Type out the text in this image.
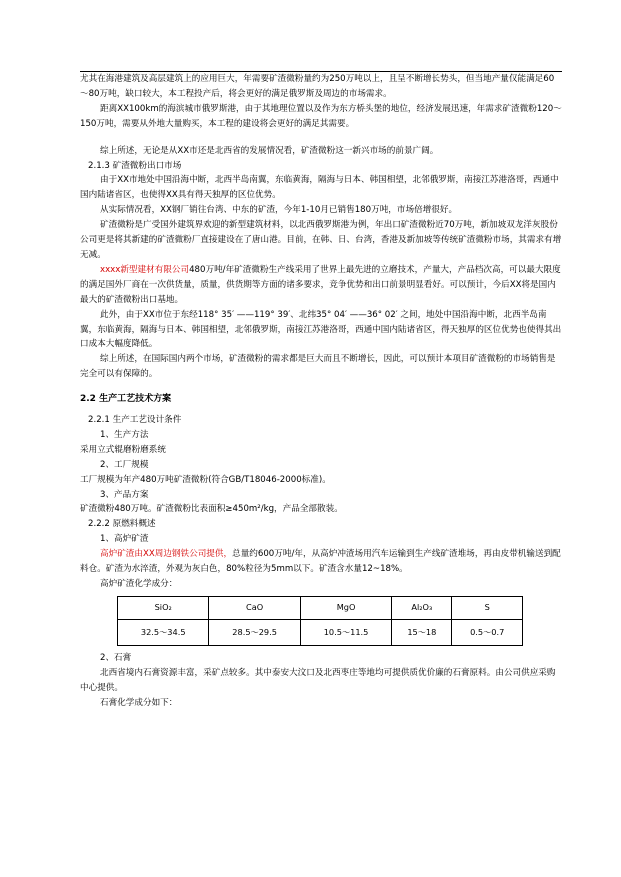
尤其在海港建筑及高层建筑上的应用巨大，年需要矿渣微粉量约为250万吨以上，且呈不断增长势头，但当地产量仅能满足60～80万吨，缺口较大，本工程投产后，将会更好的满足俄罗斯及周边的市场需求。

距离XX100km的海滨城市俄罗斯港，由于其地理位置以及作为东方桥头堡的地位，经济发展迅速，年需求矿渣微粉120～150万吨，需要从外地大量购买，本工程的建设将会更好的满足其需要。

综上所述，无论是从XX市还是北西省的发展情况看，矿渣微粉这一新兴市场的前景广阔。

2.1.3 矿渣微粉出口市场

由于XX市地处中国沿海中断，北西半岛南翼，东临黄海，隔海与日本、韩国相望，北邻俄罗斯，南接江苏港洛哥，西通中国内陆诸省区，也使得XX具有得天独厚的区位优势。

从实际情况看，XX钢厂销往台湾、中东的矿渣，今年1-10月已销售180万吨，市场倍增很好。

矿渣微粉是广受国外建筑界欢迎的新型建筑材料，以北西俄罗斯港为例，年出口矿渣微粉近70万吨，新加坡双龙洋灰股份公司更是将其新建的矿渣微粉厂直接建设在了唐山港。目前，在韩、日、台湾，香港及新加坡等传统矿渣微粉市场，其需求有增无减。

xxxx新型建材有限公司480万吨/年矿渣微粉生产线采用了世界上最先进的立磨技术，产量大，产品档次高，可以最大限度的满足国外厂商在一次供货量，质量，供货期等方面的诸多要求，竞争优势和出口前景明显看好。可以预计，今后XX将是国内最大的矿渣微粉出口基地。

此外，由于XX市位于东经118° 35′ ——119° 39′、北纬35° 04′ ——36° 02′ 之间，地处中国沿海中断，北西半岛南翼，东临黄海，隔海与日本、韩国相望，北邻俄罗斯，南接江苏港洛哥，西通中国内陆诸省区，得天独厚的区位优势也使得其出口成本大幅度降低。

综上所述，在国际国内两个市场，矿渣微粉的需求都是巨大而且不断增长，因此，可以预计本项目矿渣微粉的市场销售是完全可以有保障的。

2.2 生产工艺技术方案

2.2.1 生产工艺设计条件

1、生产方法

采用立式辊磨粉磨系统

2、工厂规模

工厂规模为年产480万吨矿渣微粉(符合GB/T18046-2000标准)。

3、产品方案

矿渣微粉480万吨。矿渣微粉比表面积≥450m²/kg，产品全部散装。

2.2.2 原燃料概述

1、高炉矿渣

高炉矿渣由XX周边钢铁公司提供，总量约600万吨/年，从高炉冲渣场用汽车运输到生产线矿渣堆场，再由皮带机输送到配料仓。矿渣为水淬渣，外观为灰白色，80%粒径为5mm以下。矿渣含水量12~18%。

高炉矿渣化学成分：

SiO₂	CaO	MgO	Al₂O₃	S
32.5～34.5	28.5～29.5	10.5～11.5	15～18	0.5～0.7

2、石膏

北西省境内石膏资源丰富，采矿点较多。其中泰安大汶口及北西枣庄等地均可提供质优价廉的石膏原料。由公司供应采购中心提供。

石膏化学成分如下：
